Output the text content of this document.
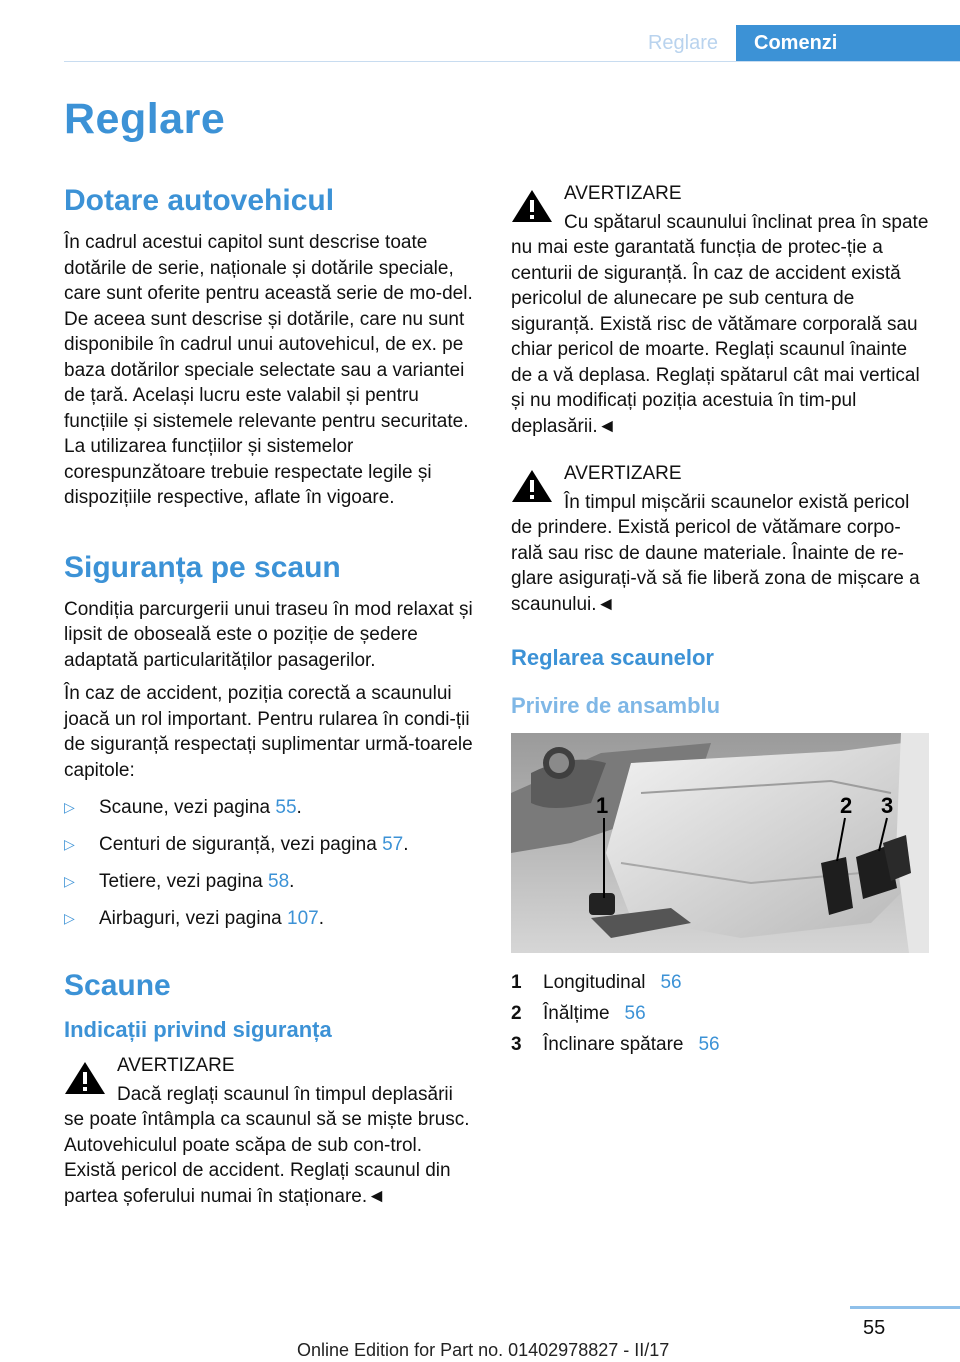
Reglare	Comenzi
Reglare
Dotare autovehicul

În cadrul acestui capitol sunt descrise toate dotările de serie, naționale și dotările speciale, care sunt oferite pentru această serie de mo-del. De aceea sunt descrise și dotările, care nu sunt disponibile în cadrul unui autovehicul, de ex. pe baza dotărilor speciale selectate sau a variantei de țară. Același lucru este valabil și pentru funcțiile și sistemele relevante pentru securitate. La utilizarea funcțiilor și sistemelor corespunzătoare trebuie respectate legile și dispozițiile respective, aflate în vigoare.

Siguranța pe scaun

Condiția parcurgerii unui traseu în mod relaxat și lipsit de oboseală este o poziție de ședere adaptată particularităților pasagerilor.

În caz de accident, poziția corectă a scaunului joacă un rol important. Pentru rularea în condi-ții de siguranță respectați suplimentar urmă-toarele capitole:

▷ Scaune, vezi pagina 55.
▷ Centuri de siguranță, vezi pagina 57.
▷ Tetiere, vezi pagina 58.
▷ Airbaguri, vezi pagina 107.
Scaune
Indicații privind siguranța

AVERTIZARE

Dacă reglați scaunul în timpul deplasării se poate întâmpla ca scaunul să se miște brusc. Autovehiculul poate scăpa de sub con-trol. Există pericol de accident. Reglați scaunul din partea șoferului numai în staționare.◄

AVERTIZARE

Cu spătarul scaunului înclinat prea în spate nu mai este garantată funcția de protec-ție a centurii de siguranță. În caz de accident există pericolul de alunecare pe sub centura de siguranță. Există risc de vătămare corporală sau chiar pericol de moarte. Reglați scaunul înainte de a vă deplasa. Reglați spătarul cât mai vertical și nu modificați poziția acestuia în tim-pul deplasării.◄

AVERTIZARE

În timpul mișcării scaunelor există pericol de prindere. Există pericol de vătămare corpo-rală sau risc de daune materiale. Înainte de re-glare asigurați-vă să fie liberă zona de mișcare a scaunului.◄

Reglarea scaunelor
Privire de ansamblu
1	2 3
1	Longitudinal 56
2	Înălțime 56
3	Înclinare spătare 56
55
Online Edition for Part no. 01402978827 - II/17
